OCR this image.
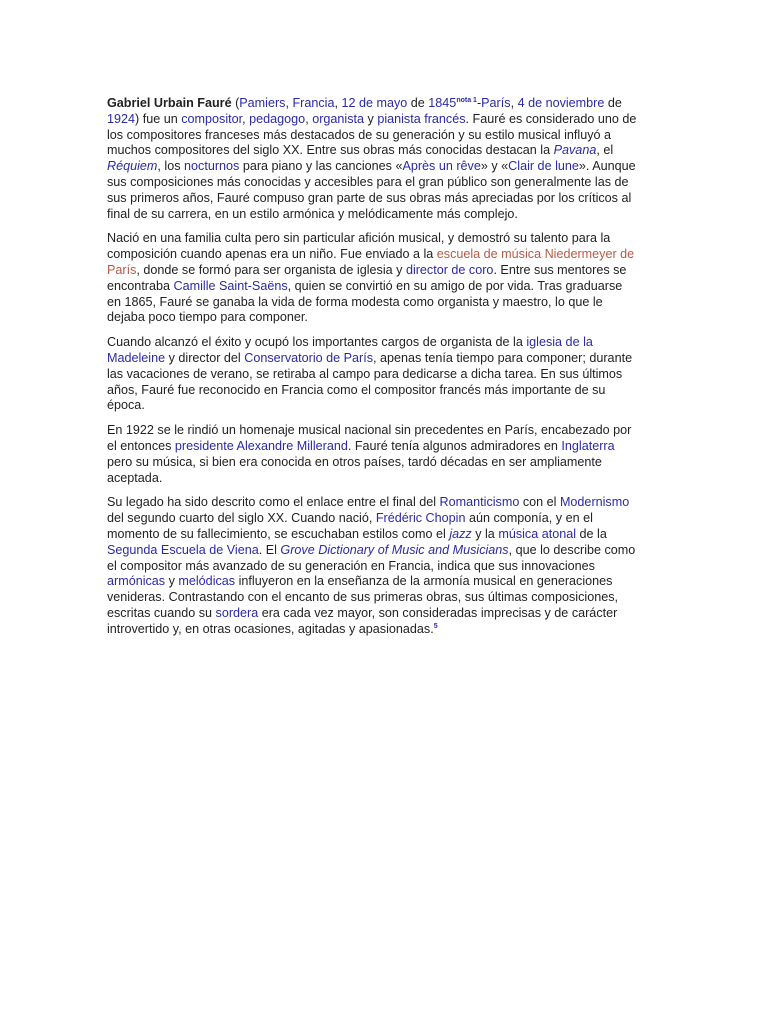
Gabriel Urbain Fauré (Pamiers, Francia, 12 de mayo de $1845^{nota 1}$-París, 4 de noviembre de 1924) fue un compositor, pedagogo, organista y pianista francés. Fauré es considerado uno de los compositores franceses más destacados de su generación y su estilo musical influyó a muchos compositores del siglo XX. Entre sus obras más conocidas destacan la Pavana, el Réquiem, los nocturnos para piano y las canciones «Après un rêve» y «Clair de lune». Aunque sus composiciones más conocidas y accesibles para el gran público son generalmente las de sus primeros años, Fauré compuso gran parte de sus obras más apreciadas por los críticos al final de su carrera, en un estilo armónica y melódicamente más complejo.

Nació en una familia culta pero sin particular afición musical, y demostró su talento para la composición cuando apenas era un niño. Fue enviado a la escuela de música Niedermeyer de París, donde se formó para ser organista de iglesia y director de coro. Entre sus mentores se encontraba Camille Saint-Saëns, quien se convirtió en su amigo de por vida. Tras graduarse en 1865, Fauré se ganaba la vida de forma modesta como organista y maestro, lo que le dejaba poco tiempo para componer.

Cuando alcanzó el éxito y ocupó los importantes cargos de organista de la iglesia de la Madeleine y director del Conservatorio de París, apenas tenía tiempo para componer; durante las vacaciones de verano, se retiraba al campo para dedicarse a dicha tarea. En sus últimos años, Fauré fue reconocido en Francia como el compositor francés más importante de su época.

En 1922 se le rindió un homenaje musical nacional sin precedentes en París, encabezado por el entonces presidente Alexandre Millerand. Fauré tenía algunos admiradores en Inglaterra pero su música, si bien era conocida en otros países, tardó décadas en ser ampliamente aceptada.

Su legado ha sido descrito como el enlace entre el final del Romanticismo con el Modernismo del segundo cuarto del siglo XX. Cuando nació, Frédéric Chopin aún componía, y en el momento de su fallecimiento, se escuchaban estilos como el jazz y la música atonal de la Segunda Escuela de Viena. El Grove Dictionary of Music and Musicians, que lo describe como el compositor más avanzado de su generación en Francia, indica que sus innovaciones armónicas y melódicas influyeron en la enseñanza de la armonía musical en generaciones venideras. Contrastando con el encanto de sus primeras obras, sus últimas composiciones, escritas cuando su sordera era cada vez mayor, son consideradas imprecisas y de carácter introvertido y, en otras ocasiones, agitadas y apasionadas.$^5$
